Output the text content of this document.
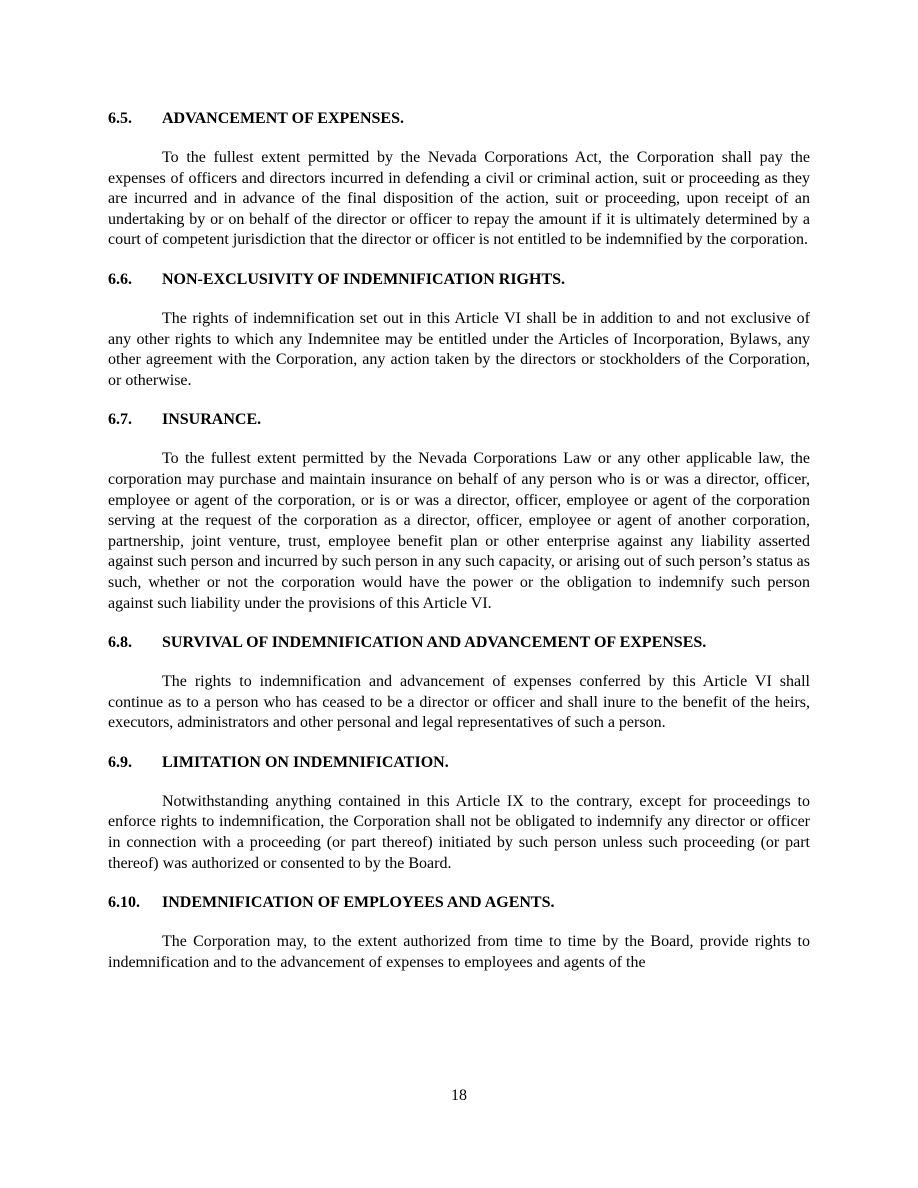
6.5.	ADVANCEMENT OF EXPENSES.

To the fullest extent permitted by the Nevada Corporations Act, the Corporation shall pay the expenses of officers and directors incurred in defending a civil or criminal action, suit or proceeding as they are incurred and in advance of the final disposition of the action, suit or proceeding, upon receipt of an undertaking by or on behalf of the director or officer to repay the amount if it is ultimately determined by a court of competent jurisdiction that the director or officer is not entitled to be indemnified by the corporation.

6.6.	NON-EXCLUSIVITY OF INDEMNIFICATION RIGHTS.

The rights of indemnification set out in this Article VI shall be in addition to and not exclusive of any other rights to which any Indemnitee may be entitled under the Articles of Incorporation, Bylaws, any other agreement with the Corporation, any action taken by the directors or stockholders of the Corporation, or otherwise.

6.7.	INSURANCE.

To the fullest extent permitted by the Nevada Corporations Law or any other applicable law, the corporation may purchase and maintain insurance on behalf of any person who is or was a director, officer, employee or agent of the corporation, or is or was a director, officer, employee or agent of the corporation serving at the request of the corporation as a director, officer, employee or agent of another corporation, partnership, joint venture, trust, employee benefit plan or other enterprise against any liability asserted against such person and incurred by such person in any such capacity, or arising out of such person’s status as such, whether or not the corporation would have the power or the obligation to indemnify such person against such liability under the provisions of this Article VI.

6.8.	SURVIVAL OF INDEMNIFICATION AND ADVANCEMENT OF EXPENSES.

The rights to indemnification and advancement of expenses conferred by this Article VI shall continue as to a person who has ceased to be a director or officer and shall inure to the benefit of the heirs, executors, administrators and other personal and legal representatives of such a person.

6.9.	LIMITATION ON INDEMNIFICATION.

Notwithstanding anything contained in this Article IX to the contrary, except for proceedings to enforce rights to indemnification, the Corporation shall not be obligated to indemnify any director or officer in connection with a proceeding (or part thereof) initiated by such person unless such proceeding (or part thereof) was authorized or consented to by the Board.

6.10.	INDEMNIFICATION OF EMPLOYEES AND AGENTS.

The Corporation may, to the extent authorized from time to time by the Board, provide rights to indemnification and to the advancement of expenses to employees and agents of the

18
